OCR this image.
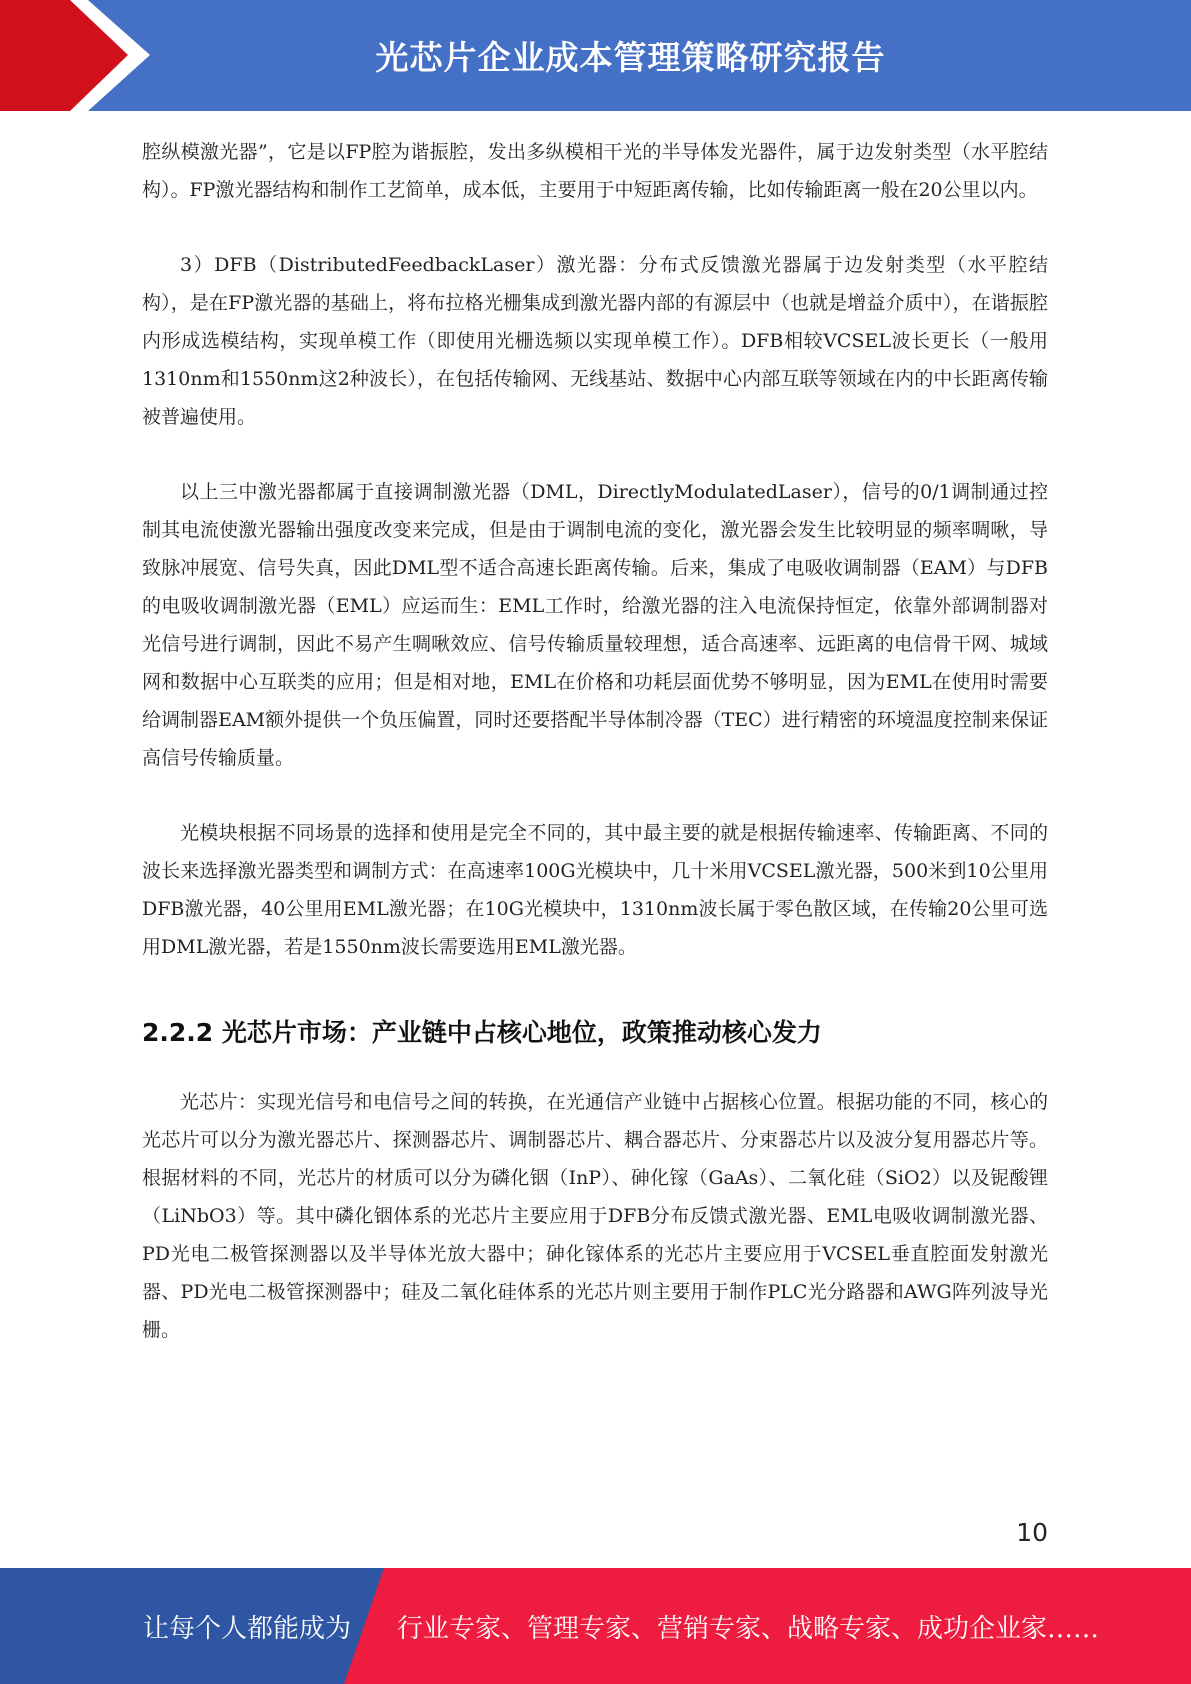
光芯片企业成本管理策略研究报告

腔纵模激光器”，它是以FP腔为谐振腔，发出多纵模相干光的半导体发光器件，属于边发射类型（水平腔结构）。FP激光器结构和制作工艺简单，成本低，主要用于中短距离传输，比如传输距离一般在20公里以内。

3）DFB（DistributedFeedbackLaser）激光器：分布式反馈激光器属于边发射类型（水平腔结构），是在FP激光器的基础上，将布拉格光栅集成到激光器内部的有源层中（也就是增益介质中），在谐振腔内形成选模结构，实现单模工作（即使用光栅选频以实现单模工作）。DFB相较VCSEL波长更长（一般用1310nm和1550nm这2种波长），在包括传输网、无线基站、数据中心内部互联等领域在内的中长距离传输被普遍使用。

以上三中激光器都属于直接调制激光器（DML，DirectlyModulatedLaser），信号的0/1调制通过控制其电流使激光器输出强度改变来完成，但是由于调制电流的变化，激光器会发生比较明显的频率啁啾，导致脉冲展宽、信号失真，因此DML型不适合高速长距离传输。后来，集成了电吸收调制器（EAM）与DFB的电吸收调制激光器（EML）应运而生：EML工作时，给激光器的注入电流保持恒定，依靠外部调制器对光信号进行调制，因此不易产生啁啾效应、信号传输质量较理想，适合高速率、远距离的电信骨干网、城域网和数据中心互联类的应用；但是相对地，EML在价格和功耗层面优势不够明显，因为EML在使用时需要给调制器EAM额外提供一个负压偏置，同时还要搭配半导体制冷器（TEC）进行精密的环境温度控制来保证高信号传输质量。

光模块根据不同场景的选择和使用是完全不同的，其中最主要的就是根据传输速率、传输距离、不同的波长来选择激光器类型和调制方式：在高速率100G光模块中，几十米用VCSEL激光器，500米到10公里用DFB激光器，40公里用EML激光器；在10G光模块中，1310nm波长属于零色散区域，在传输20公里可选用DML激光器，若是1550nm波长需要选用EML激光器。

2.2.2 光芯片市场：产业链中占核心地位，政策推动核心发力

光芯片：实现光信号和电信号之间的转换，在光通信产业链中占据核心位置。根据功能的不同，核心的光芯片可以分为激光器芯片、探测器芯片、调制器芯片、耦合器芯片、分束器芯片以及波分复用器芯片等。根据材料的不同，光芯片的材质可以分为磷化铟（InP）、砷化镓（GaAs）、二氧化硅（SiO2）以及铌酸锂（LiNbO3）等。其中磷化铟体系的光芯片主要应用于DFB分布反馈式激光器、EML电吸收调制激光器、PD光电二极管探测器以及半导体光放大器中；砷化镓体系的光芯片主要应用于VCSEL垂直腔面发射激光器、PD光电二极管探测器中；硅及二氧化硅体系的光芯片则主要用于制作PLC光分路器和AWG阵列波导光栅。

10
让每个人都能成为 行业专家、管理专家、营销专家、战略专家、成功企业家……
